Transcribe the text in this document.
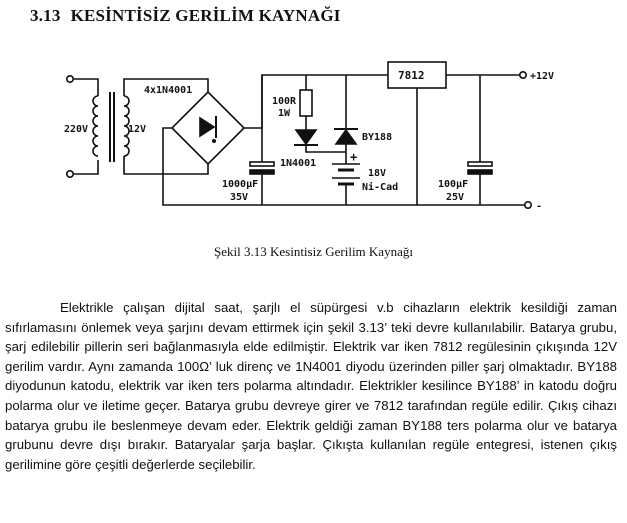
3.13 KESİNTİSİZ GERİLİM KAYNAĞI
220V	12V
4x1N4001
1000μF
35V
100R
1W
1N4001
BY188
+
18V
Ni-Cad
7812
100μF
25V
+12V
-
Şekil 3.13 Kesintisiz Gerilim Kaynağı

Elektrikle çalışan dijital saat, şarjlı el süpürgesi v.b cihazların elektrik kesildiği zaman sıfırlamasını önlemek veya şarjını devam ettirmek için şekil 3.13’ teki devre kullanılabilir. Batarya grubu, şarj edilebilir pillerin seri bağlanmasıyla elde edilmiştir. Elektrik var iken 7812 regülesinin çıkışında 12V gerilim vardır. Aynı zamanda 100Ω’ luk direnç ve 1N4001 diyodu üzerinden piller şarj olmaktadır. BY188 diyodunun katodu, elektrik var iken ters polarma altındadır. Elektrikler kesilince BY188’ in katodu doğru polarma olur ve iletime geçer. Batarya grubu devreye girer ve 7812 tarafından regüle edilir. Çıkış cihazı batarya grubu ile beslenmeye devam eder. Elektrik geldiği zaman BY188 ters polarma olur ve batarya grubunu devre dışı bırakır. Bataryalar şarja başlar. Çıkışta kullanılan regüle entegresi, istenen çıkış gerilimine göre çeşitli değerlerde seçilebilir.
